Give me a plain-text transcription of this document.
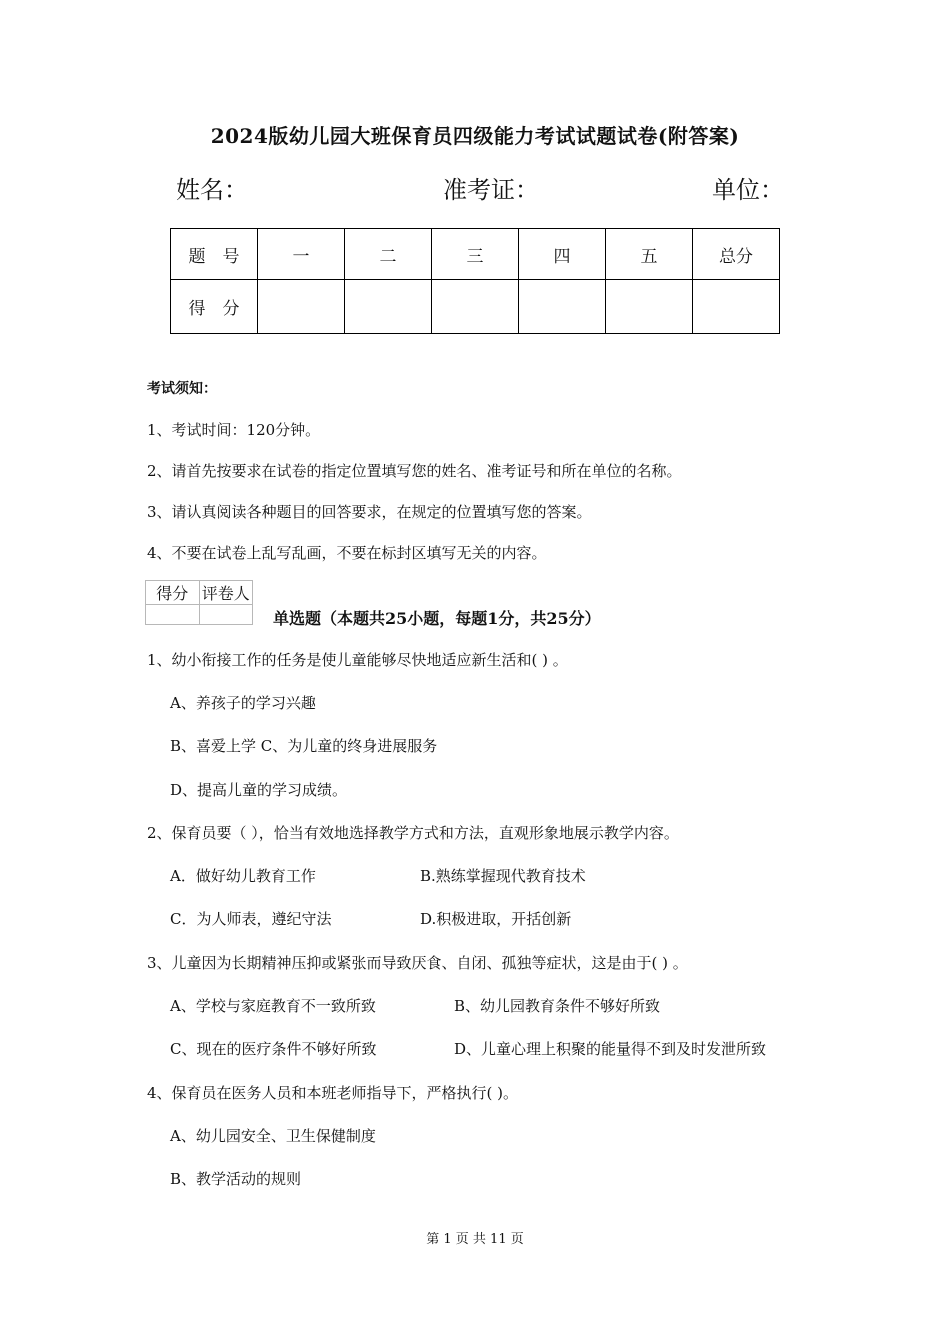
2024版幼儿园大班保育员四级能力考试试题试卷(附答案)
姓名：	准考证：	单位：
题　号	一	二	三	四	五	总分
得　分						
考试须知：
1、考试时间：120分钟。
2、请首先按要求在试卷的指定位置填写您的姓名、准考证号和所在单位的名称。
3、请认真阅读各种题目的回答要求，在规定的位置填写您的答案。
4、不要在试卷上乱写乱画，不要在标封区填写无关的内容。
得分	评卷人

单选题（本题共25小题，每题1分，共25分）
1、幼小衔接工作的任务是使儿童能够尽快地适应新生活和( ) 。
A、养孩子的学习兴趣
B、喜爱上学 C、为儿童的终身进展服务
D、提高儿童的学习成绩。
2、保育员要（ ），恰当有效地选择教学方式和方法，直观形象地展示教学内容。
A．做好幼儿教育工作	B.熟练掌握现代教育技术
C．为人师表，遵纪守法	D.积极进取，开括创新
3、儿童因为长期精神压抑或紧张而导致厌食、自闭、孤独等症状，这是由于( ) 。
A、学校与家庭教育不一致所致	B、幼儿园教育条件不够好所致
C、现在的医疗条件不够好所致	D、儿童心理上积聚的能量得不到及时发泄所致
4、保育员在医务人员和本班老师指导下，严格执行( )。
A、幼儿园安全、卫生保健制度
B、教学活动的规则
第 1 页 共 11 页
